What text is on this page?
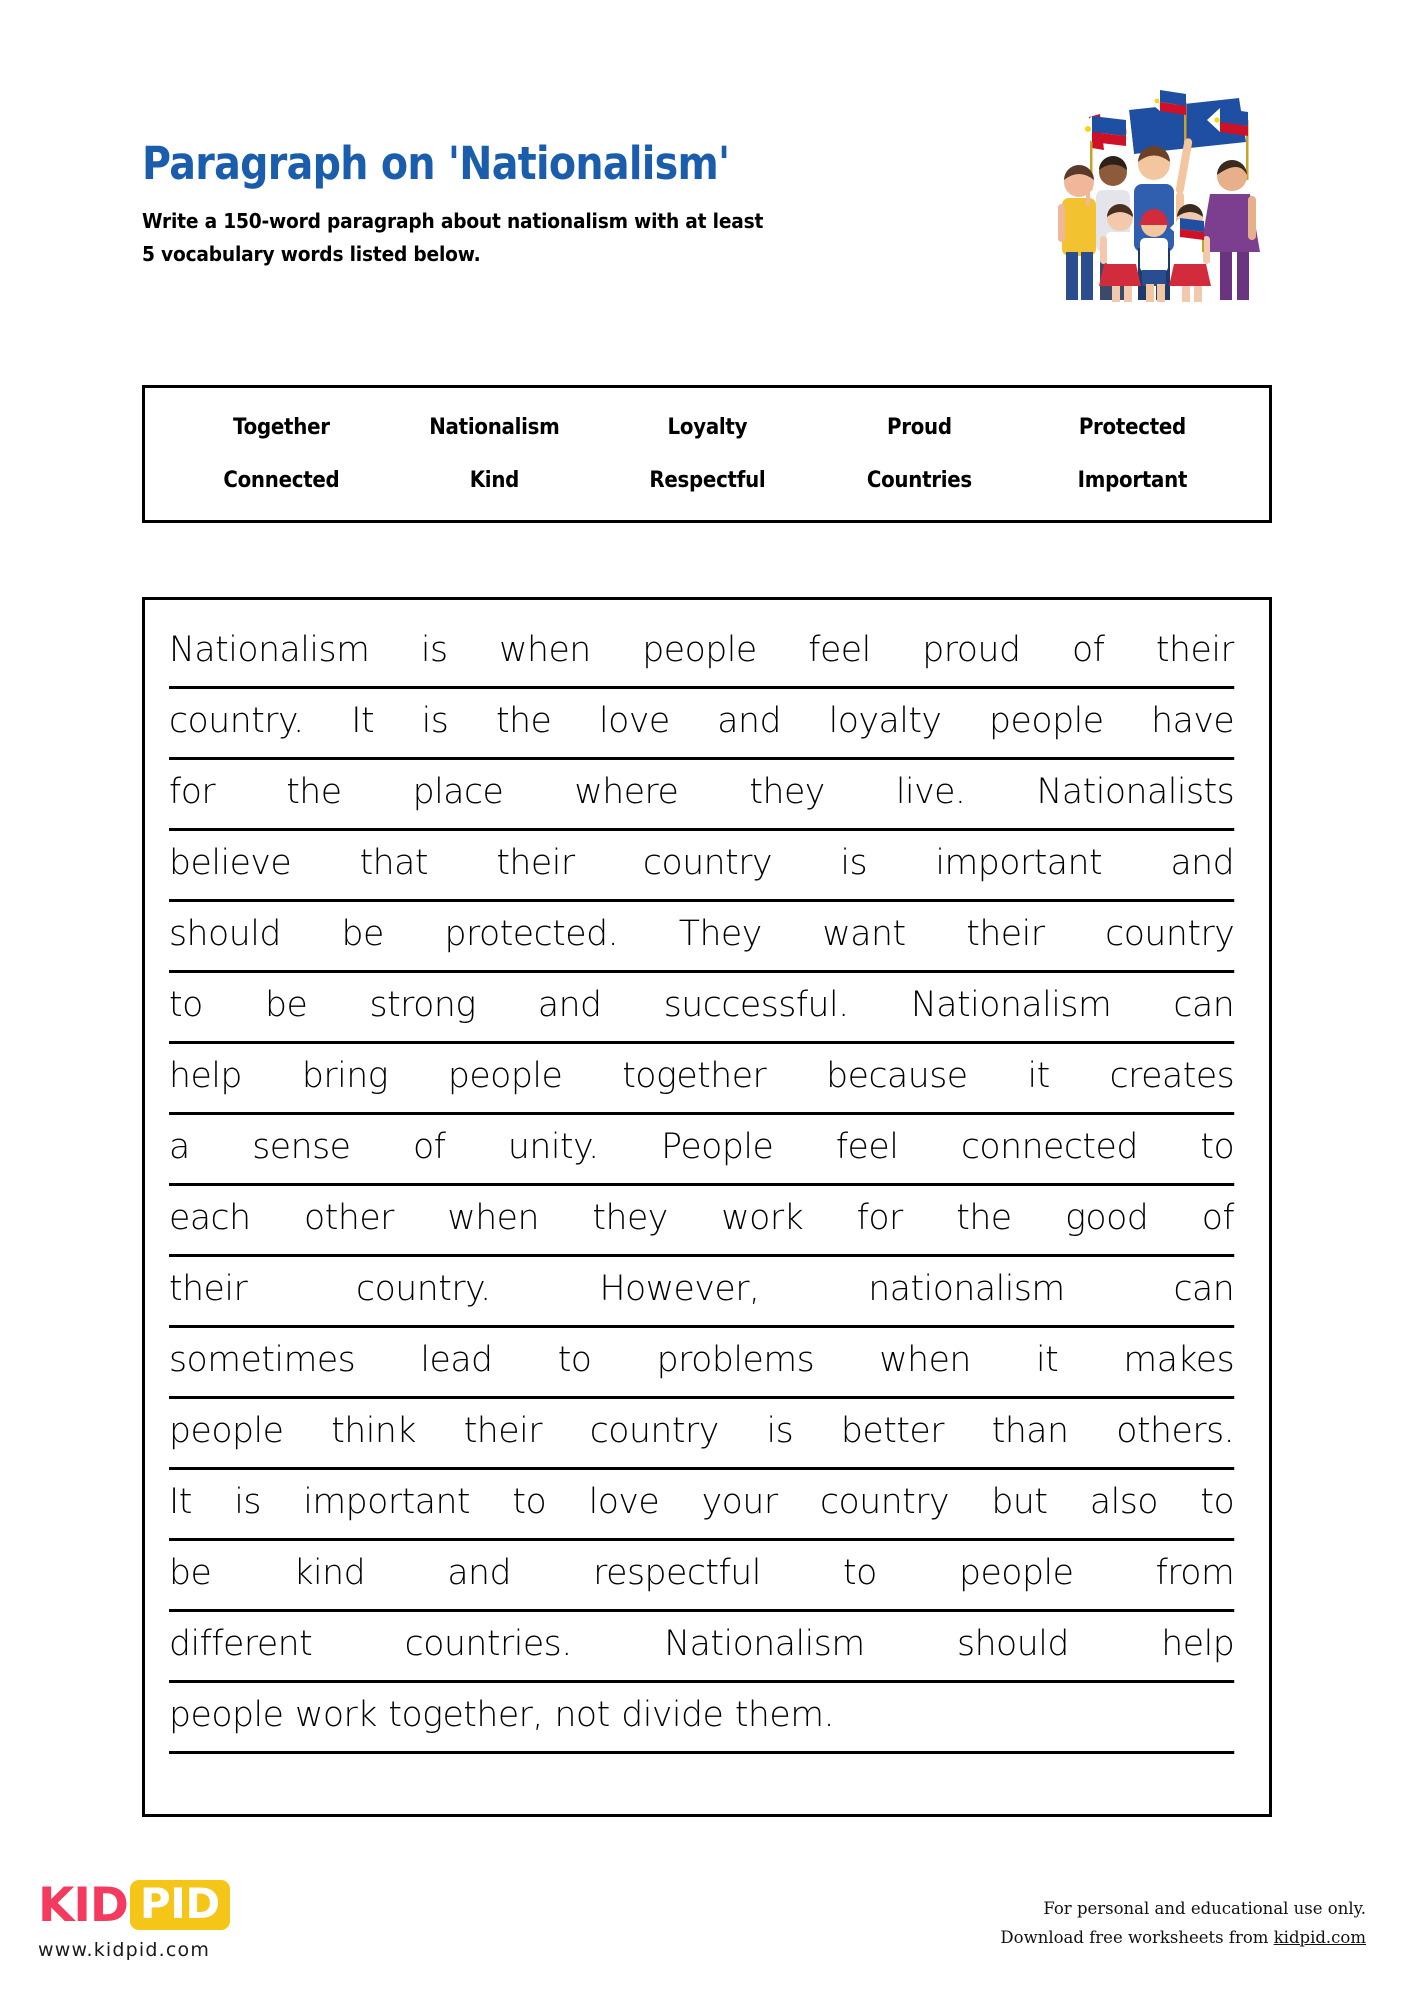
Paragraph on 'Nationalism'
Write a 150-word paragraph about nationalism with at least
5 vocabulary words listed below.
Together	Nationalism	Loyalty	Proud	Protected
Connected	Kind	Respectful	Countries	Important
Nationalism is when people feel proud of their
country. It is the love and loyalty people have
for the place where they live. Nationalists
believe that their country is important and
should be protected. They want their country
to be strong and successful. Nationalism can
help bring people together because it creates
a sense of unity. People feel connected to
each other when they work for the good of
their	country.	However,	nationalism	can
sometimes lead to problems when it makes
people think their country is better than others.
It is important to love your country but also to
be kind and respectful to people from
different	countries.	Nationalism	should	help
people work together, not divide them.
KID PID
www.kidpid.com
For personal and educational use only.
Download free worksheets from kidpid.com
